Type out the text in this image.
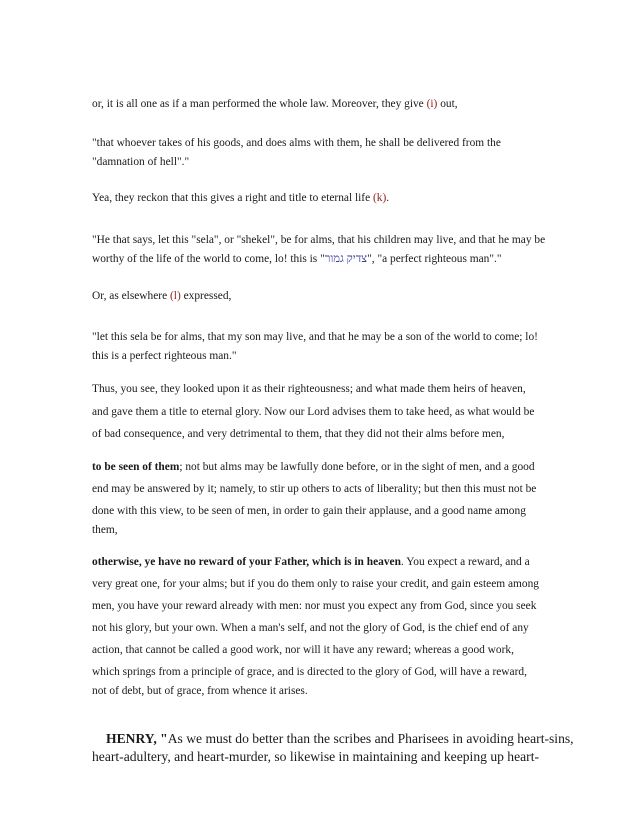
or, it is all one as if a man performed the whole law. Moreover, they give (i) out,

"that whoever takes of his goods, and does alms with them, he shall be delivered from the

"damnation of hell"."

Yea, they reckon that this gives a right and title to eternal life (k).

"He that says, let this "sela", or "shekel", be for alms, that his children may live, and that he may be

worthy of the life of the world to come, lo! this is "צדיק גמור", "a perfect righteous man"."

Or, as elsewhere (l) expressed,

"let this sela be for alms, that my son may live, and that he may be a son of the world to come; lo!

this is a perfect righteous man."

Thus, you see, they looked upon it as their righteousness; and what made them heirs of heaven,

and gave them a title to eternal glory. Now our Lord advises them to take heed, as what would be

of bad consequence, and very detrimental to them, that they did not their alms before men,

to be seen of them; not but alms may be lawfully done before, or in the sight of men, and a good

end may be answered by it; namely, to stir up others to acts of liberality; but then this must not be

done with this view, to be seen of men, in order to gain their applause, and a good name among

them,

otherwise, ye have no reward of your Father, which is in heaven. You expect a reward, and a

very great one, for your alms; but if you do them only to raise your credit, and gain esteem among

men, you have your reward already with men: nor must you expect any from God, since you seek

not his glory, but your own. When a man's self, and not the glory of God, is the chief end of any

action, that cannot be called a good work, nor will it have any reward; whereas a good work,

which springs from a principle of grace, and is directed to the glory of God, will have a reward,

not of debt, but of grace, from whence it arises.

HENRY, "As we must do better than the scribes and Pharisees in avoiding heart-sins,
heart-adultery, and heart-murder, so likewise in maintaining and keeping up heart-
